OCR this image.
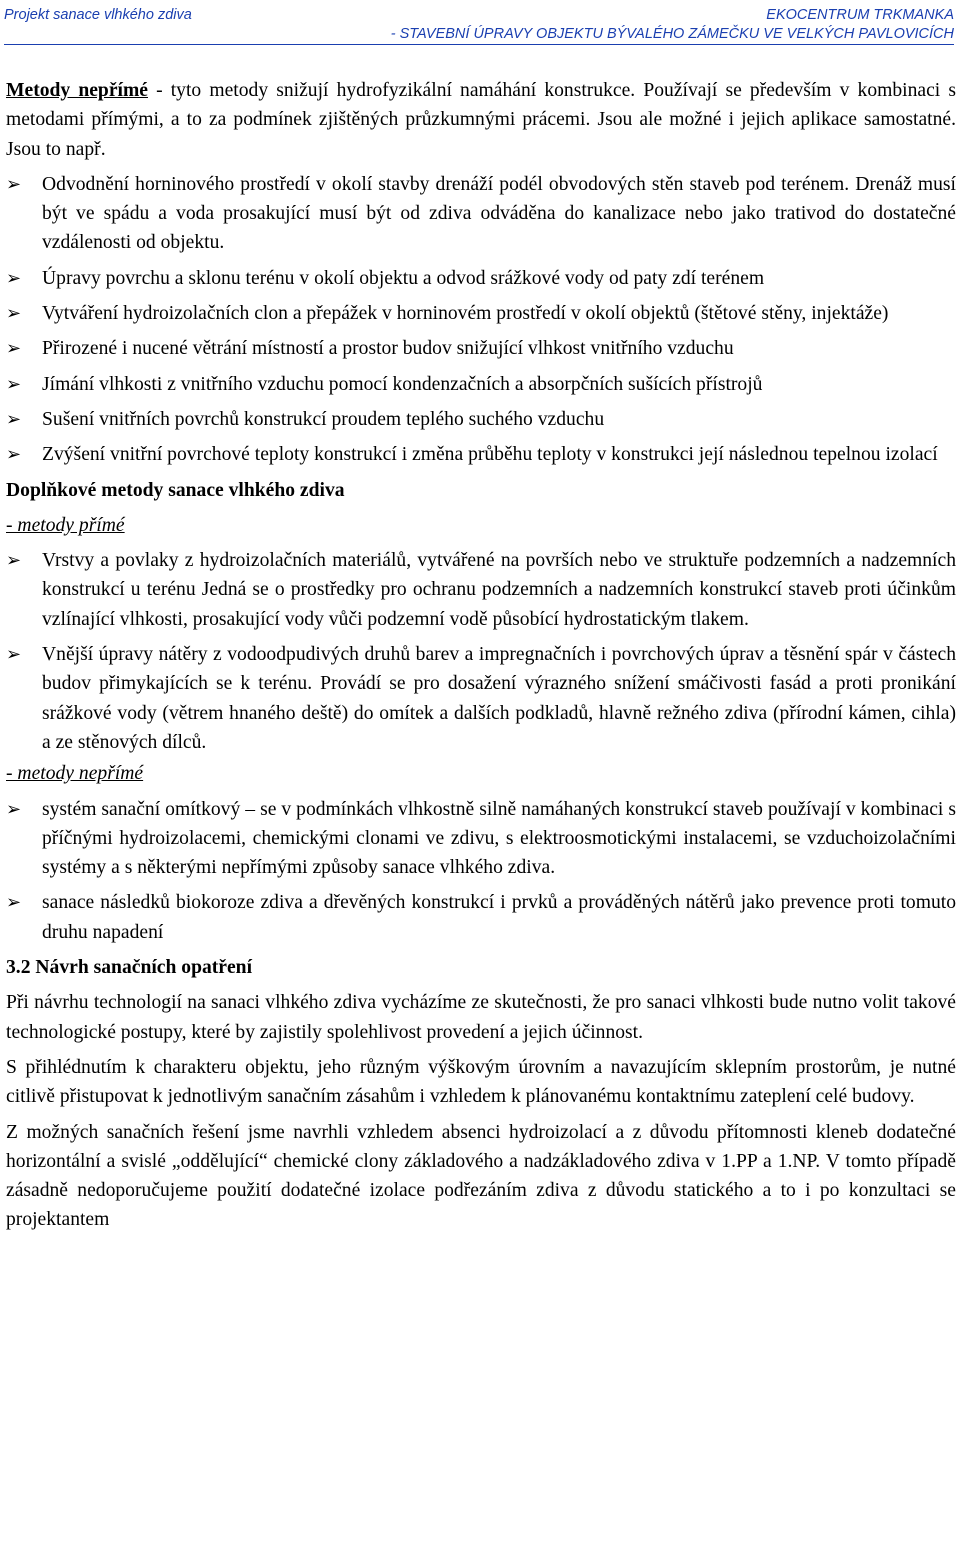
Projekt sanace vlhkého zdiva	EKOCENTRUM TRKMANKA
- STAVEBNÍ ÚPRAVY OBJEKTU BÝVALÉHO ZÁMEČKU VE VELKÝCH PAVLOVICÍCH

Metody nepřímé - tyto metody snižují hydrofyzikální namáhání konstrukce. Používají se především v kombinaci s metodami přímými, a to za podmínek zjištěných průzkumnými prácemi. Jsou ale možné i jejich aplikace samostatné. Jsou to např.

➢	Odvodnění horninového prostředí v okolí stavby drenáží podél obvodových stěn staveb pod terénem. Drenáž musí být ve spádu a voda prosakující musí být od zdiva odváděna do kanalizace nebo jako trativod do dostatečné vzdálenosti od objektu.
➢	Úpravy povrchu a sklonu terénu v okolí objektu a odvod srážkové vody od paty zdí terénem
➢	Vytváření hydroizolačních clon a přepážek v horninovém prostředí v okolí objektů (štětové stěny, injektáže)
➢	Přirozené i nucené větrání místností a prostor budov snižující vlhkost vnitřního vzduchu
➢	Jímání vlhkosti z vnitřního vzduchu pomocí kondenzačních a absorpčních sušících přístrojů
➢	Sušení vnitřních povrchů konstrukcí proudem teplého suchého vzduchu
➢	Zvýšení vnitřní povrchové teploty konstrukcí i změna průběhu teploty v konstrukci její následnou tepelnou izolací
Doplňkové metody sanace vlhkého zdiva
- metody přímé
➢	Vrstvy a povlaky z hydroizolačních materiálů, vytvářené na površích nebo ve struktuře podzemních a nadzemních konstrukcí u terénu Jedná se o prostředky pro ochranu podzemních a nadzemních konstrukcí staveb proti účinkům vzlínající vlhkosti, prosakující vody vůči podzemní vodě působící hydrostatickým tlakem.
➢	Vnější úpravy nátěry z vodoodpudivých druhů barev a impregnačních i povrchových úprav a těsnění spár v částech budov přimykajících se k terénu. Provádí se pro dosažení výrazného snížení smáčivosti fasád a proti pronikání srážkové vody (větrem hnaného deště) do omítek a dalších podkladů, hlavně režného zdiva (přírodní kámen, cihla) a ze stěnových dílců.
- metody nepřímé
➢	systém sanační omítkový – se v podmínkách vlhkostně silně namáhaných konstrukcí staveb používají v kombinaci s příčnými hydroizolacemi, chemickými clonami ve zdivu, s elektroosmotickými instalacemi, se vzduchoizolačními systémy a s některými nepřímými způsoby sanace vlhkého zdiva.
➢	sanace následků biokoroze zdiva a dřevěných konstrukcí i prvků a prováděných nátěrů jako prevence proti tomuto druhu napadení
3.2 Návrh sanačních opatření

Při návrhu technologií na sanaci vlhkého zdiva vycházíme ze skutečnosti, že pro sanaci vlhkosti bude nutno volit takové technologické postupy, které by zajistily spolehlivost provedení a jejich účinnost.

S přihlédnutím k charakteru objektu, jeho různým výškovým úrovním a navazujícím sklepním prostorům, je nutné citlivě přistupovat k jednotlivým sanačním zásahům i vzhledem k plánovanému kontaktnímu zateplení celé budovy.

Z možných sanačních řešení jsme navrhli vzhledem absenci hydroizolací a z důvodu přítomnosti kleneb dodatečné horizontální a svislé „oddělující“ chemické clony základového a nadzákladového zdiva v 1.PP a 1.NP. V tomto případě zásadně nedoporučujeme použití dodatečné izolace podřezáním zdiva z důvodu statického a to i po konzultaci se projektantem
